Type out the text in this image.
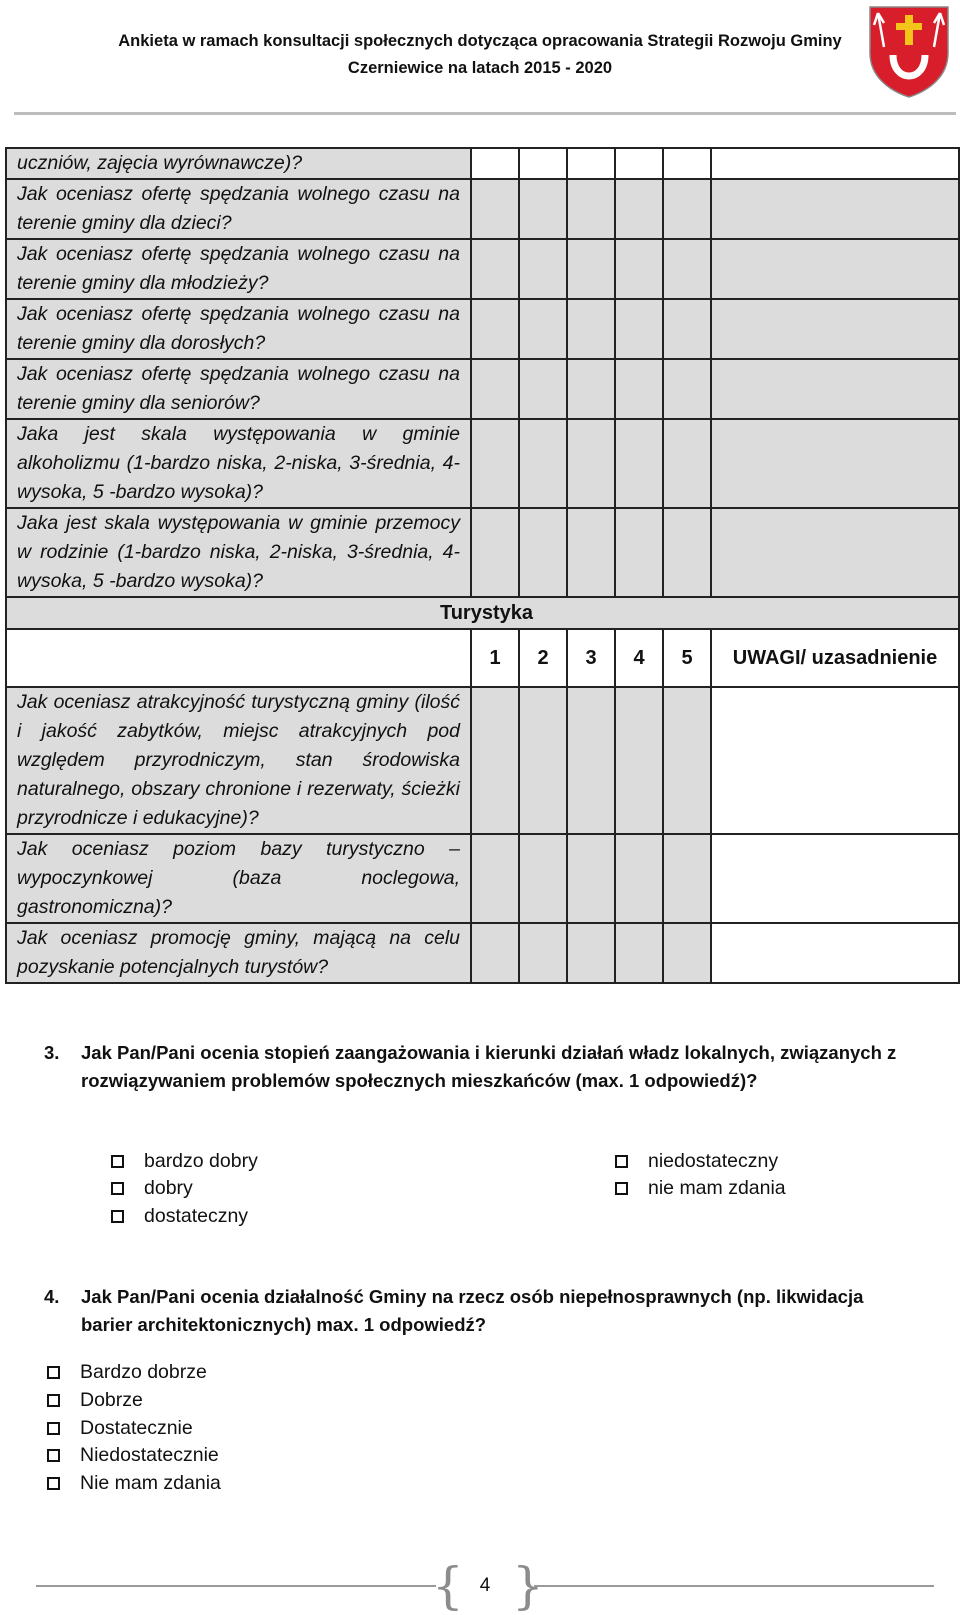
Ankieta w ramach konsultacji społecznych dotycząca opracowania Strategii Rozwoju Gminy
Czerniewice na latach 2015 - 2020
uczniów, zajęcia wyrównawcze)?						
Jak oceniasz ofertę spędzania wolnego czasu na terenie gminy dla dzieci?						
Jak oceniasz ofertę spędzania wolnego czasu na terenie gminy dla młodzieży?						
Jak oceniasz ofertę spędzania wolnego czasu na terenie gminy dla dorosłych?						
Jak oceniasz ofertę spędzania wolnego czasu na terenie gminy dla seniorów?						
Jaka jest skala występowania w gminie alkoholizmu (1-bardzo niska, 2-niska, 3-średnia, 4-wysoka, 5 -bardzo wysoka)?						
Jaka jest skala występowania w gminie przemocy w rodzinie (1-bardzo niska, 2-niska, 3-średnia, 4-wysoka, 5 -bardzo wysoka)?						
Turystyka						
	1	2	3	4	5	UWAGI/ uzasadnienie
Jak oceniasz atrakcyjność turystyczną gminy (ilość i jakość zabytków, miejsc atrakcyjnych pod względem przyrodniczym, stan środowiska naturalnego, obszary chronione i rezerwaty, ścieżki przyrodnicze i edukacyjne)?						
Jak oceniasz poziom bazy turystyczno – wypoczynkowej (baza noclegowa, gastronomiczna)?						
Jak oceniasz promocję gminy, mającą na celu pozyskanie potencjalnych turystów?						
3. Jak Pan/Pani ocenia stopień zaangażowania i kierunki działań władz lokalnych, związanych z
rozwiązywaniem problemów społecznych mieszkańców (max. 1 odpowiedź)?
bardzo dobry
dobry
dostateczny
niedostateczny
nie mam zdania
4. Jak Pan/Pani ocenia działalność Gminy na rzecz osób niepełnosprawnych (np. likwidacja
barier architektonicznych) max. 1 odpowiedź?
Bardzo dobrze
Dobrze
Dostatecznie
Niedostatecznie
Nie mam zdania
{ }
4
